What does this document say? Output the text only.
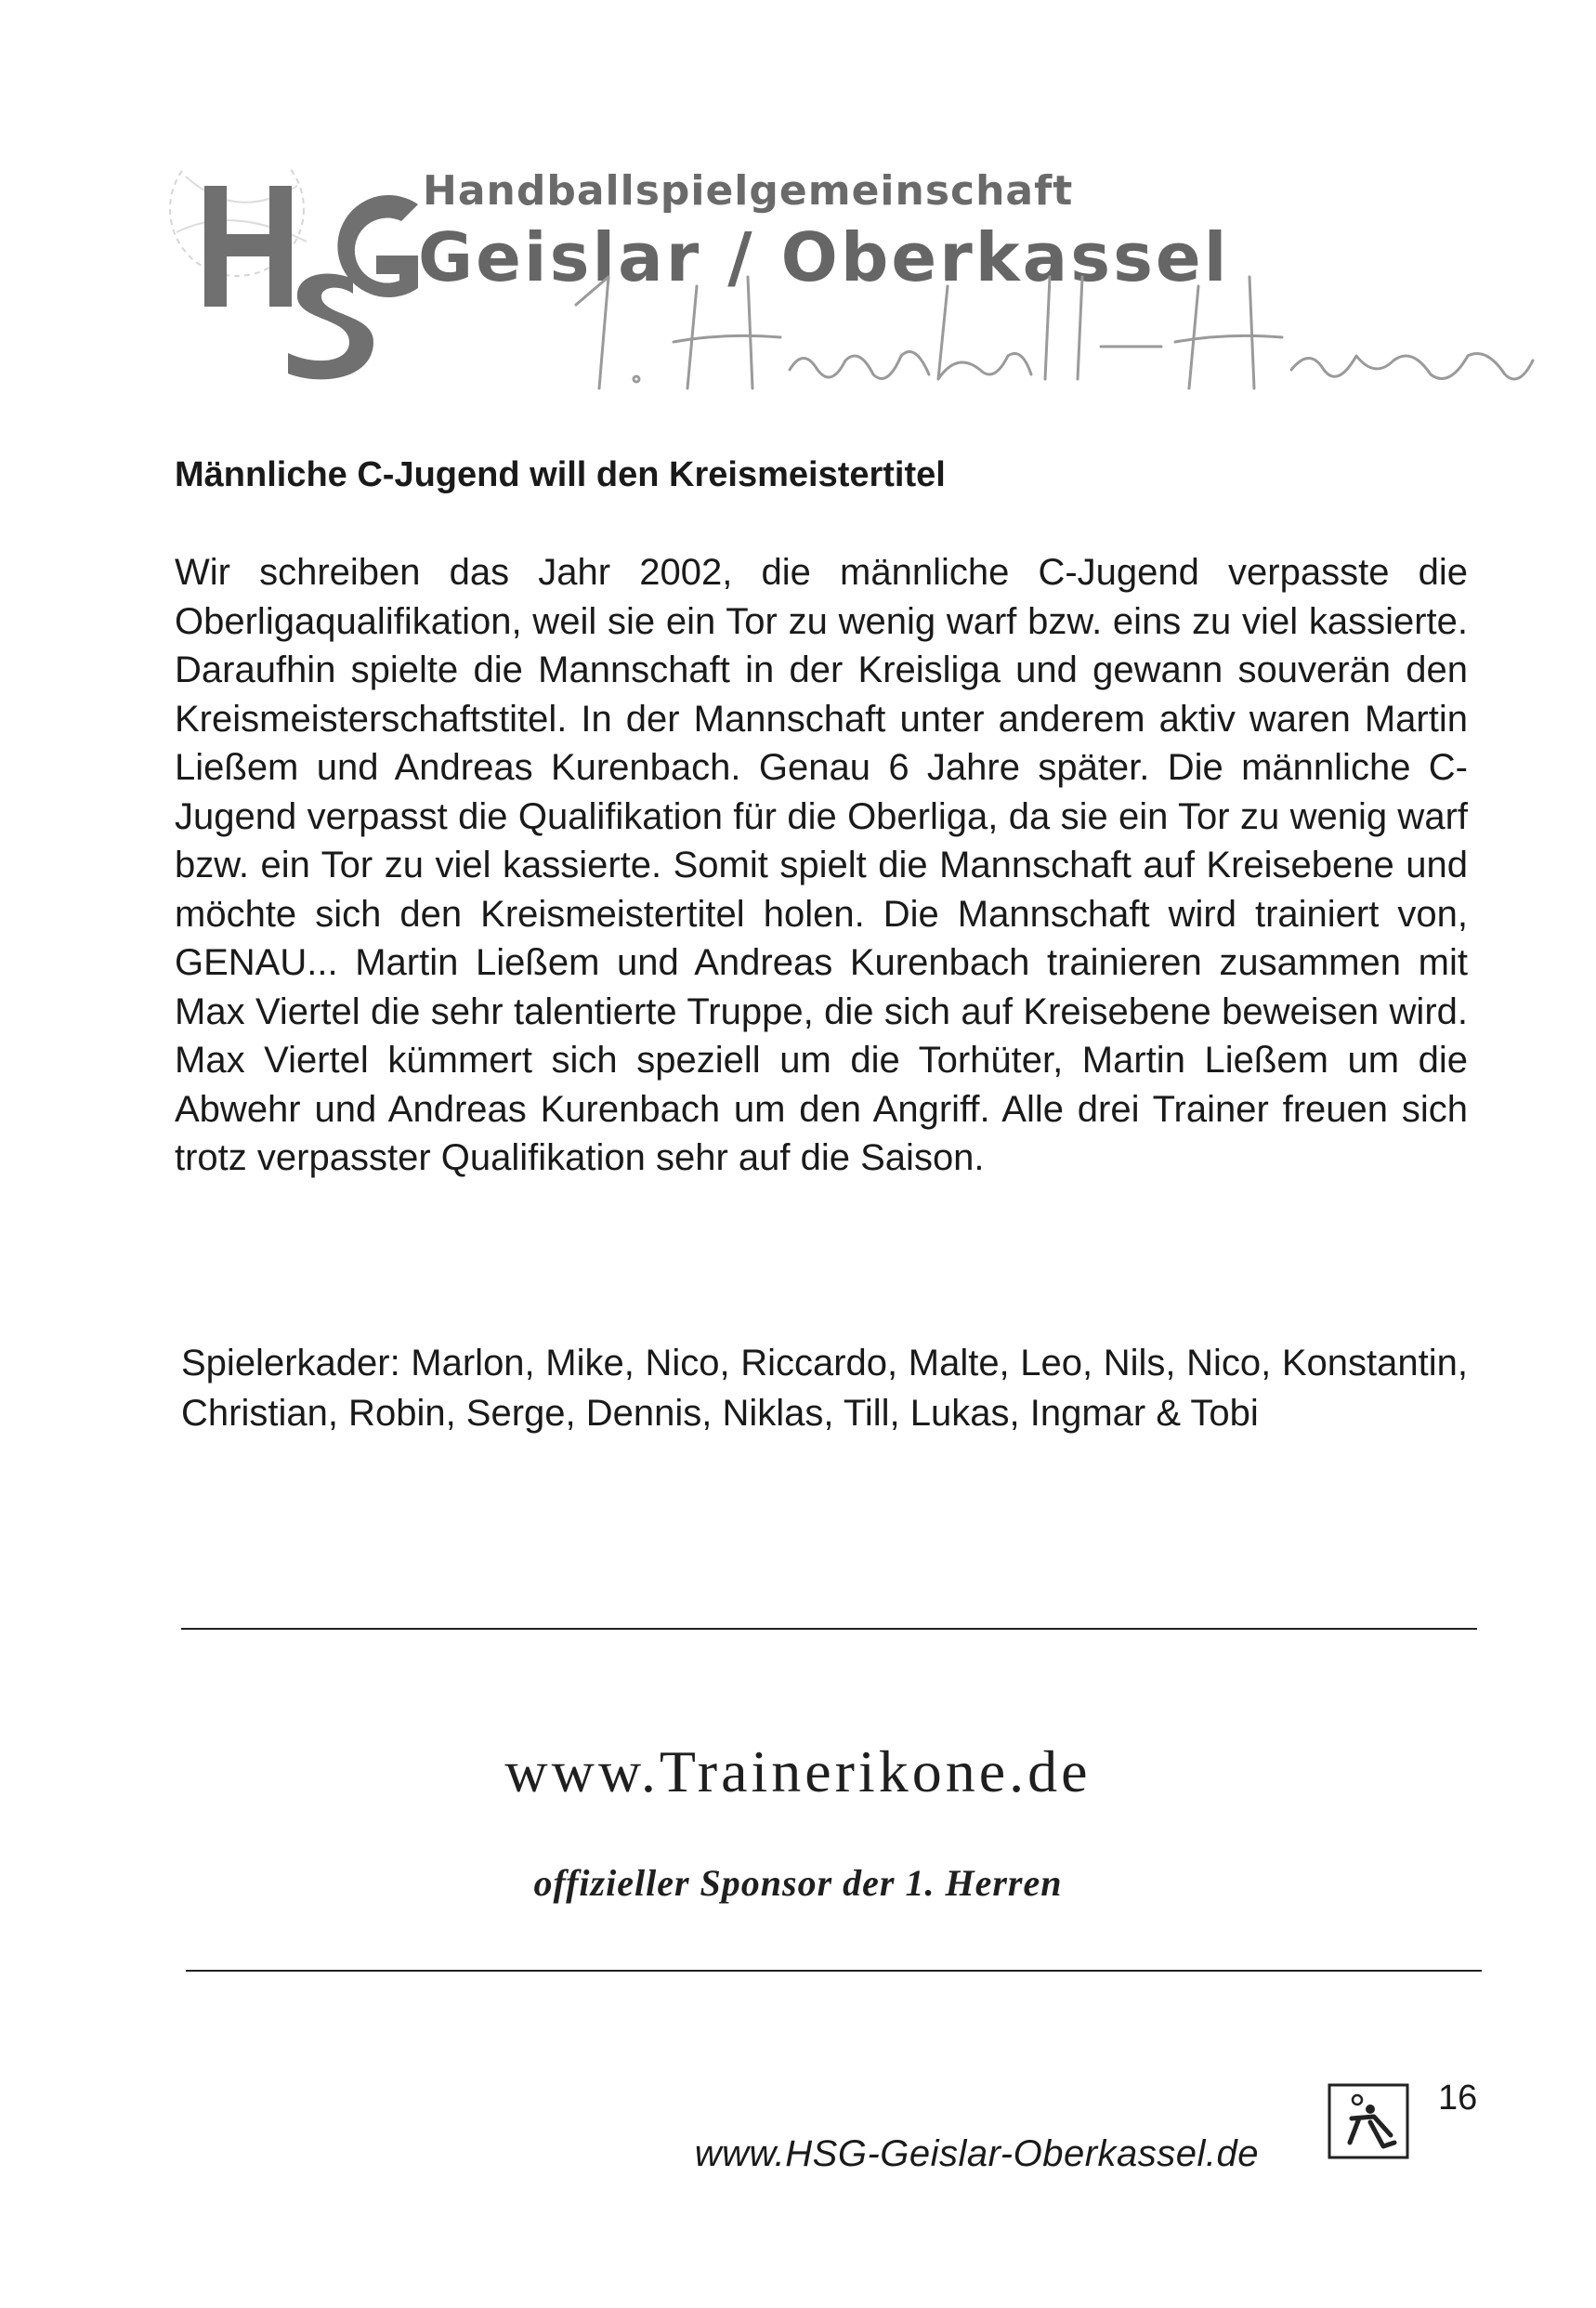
Handballspielgemeinschaft
Geislar / Oberkassel
Männliche C-Jugend will den Kreismeistertitel

Wir schreiben das Jahr 2002, die männliche C-Jugend verpasste die Oberligaqualifikation, weil sie ein Tor zu wenig warf bzw. eins zu viel kassierte. Daraufhin spielte die Mannschaft in der Kreisliga und gewann souverän den Kreismeisterschaftstitel. In der Mannschaft unter anderem aktiv waren Martin Ließem und Andreas Kurenbach. Genau 6 Jahre später. Die männliche C-Jugend verpasst die Qualifikation für die Oberliga, da sie ein Tor zu wenig warf bzw. ein Tor zu viel kassierte. Somit spielt die Mannschaft auf Kreisebene und möchte sich den Kreismeistertitel holen. Die Mannschaft wird trainiert von, GENAU... Martin Ließem und Andreas Kurenbach trainieren zusammen mit Max Viertel die sehr talentierte Truppe, die sich auf Kreisebene beweisen wird. Max Viertel kümmert sich speziell um die Torhüter, Martin Ließem um die Abwehr und Andreas Kurenbach um den Angriff. Alle drei Trainer freuen sich trotz verpasster Qualifikation sehr auf die Saison.

Spielerkader: Marlon, Mike, Nico, Riccardo, Malte, Leo, Nils, Nico, Konstantin, Christian, Robin, Serge, Dennis, Niklas, Till, Lukas, Ingmar & Tobi

www.Trainerikone.de
offizieller Sponsor der 1. Herren
16
www.HSG-Geislar-Oberkassel.de
